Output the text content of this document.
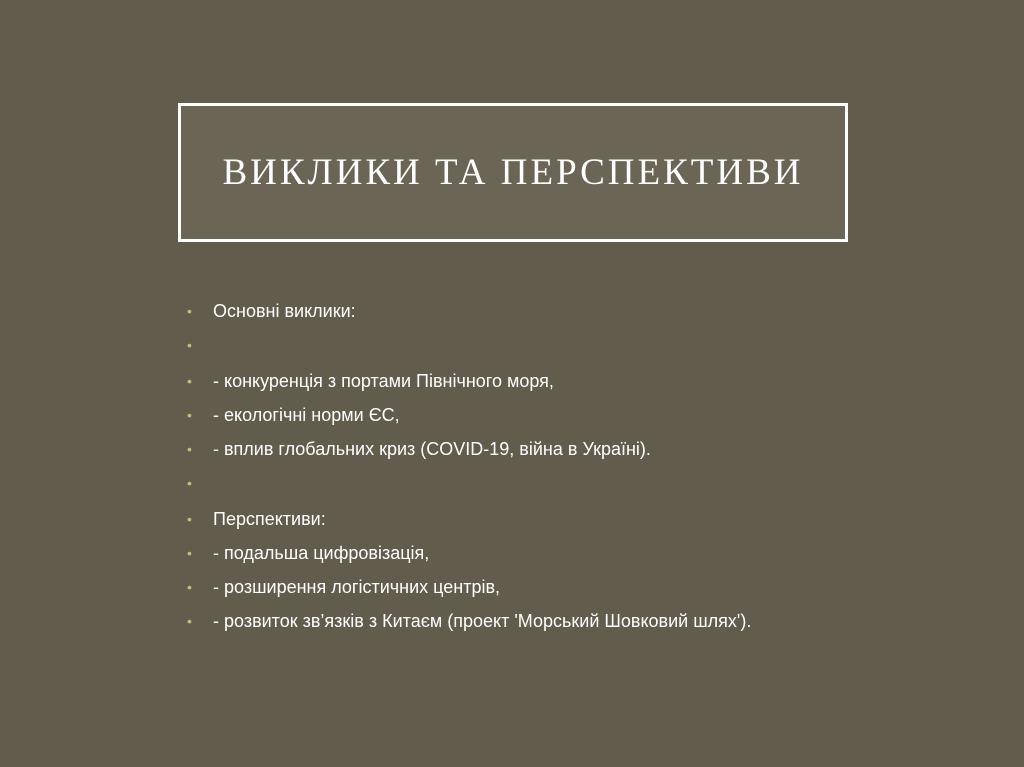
ВИКЛИКИ ТА ПЕРСПЕКТИВИ
• Основні виклики:
•
• - конкуренція з портами Північного моря,
• - екологічні норми ЄС,
• - вплив глобальних криз (COVID-19, війна в Україні).
•
• Перспективи:
• - подальша цифровізація,
• - розширення логістичних центрів,
• - розвиток зв’язків з Китаєм (проект 'Морський Шовковий шлях').
